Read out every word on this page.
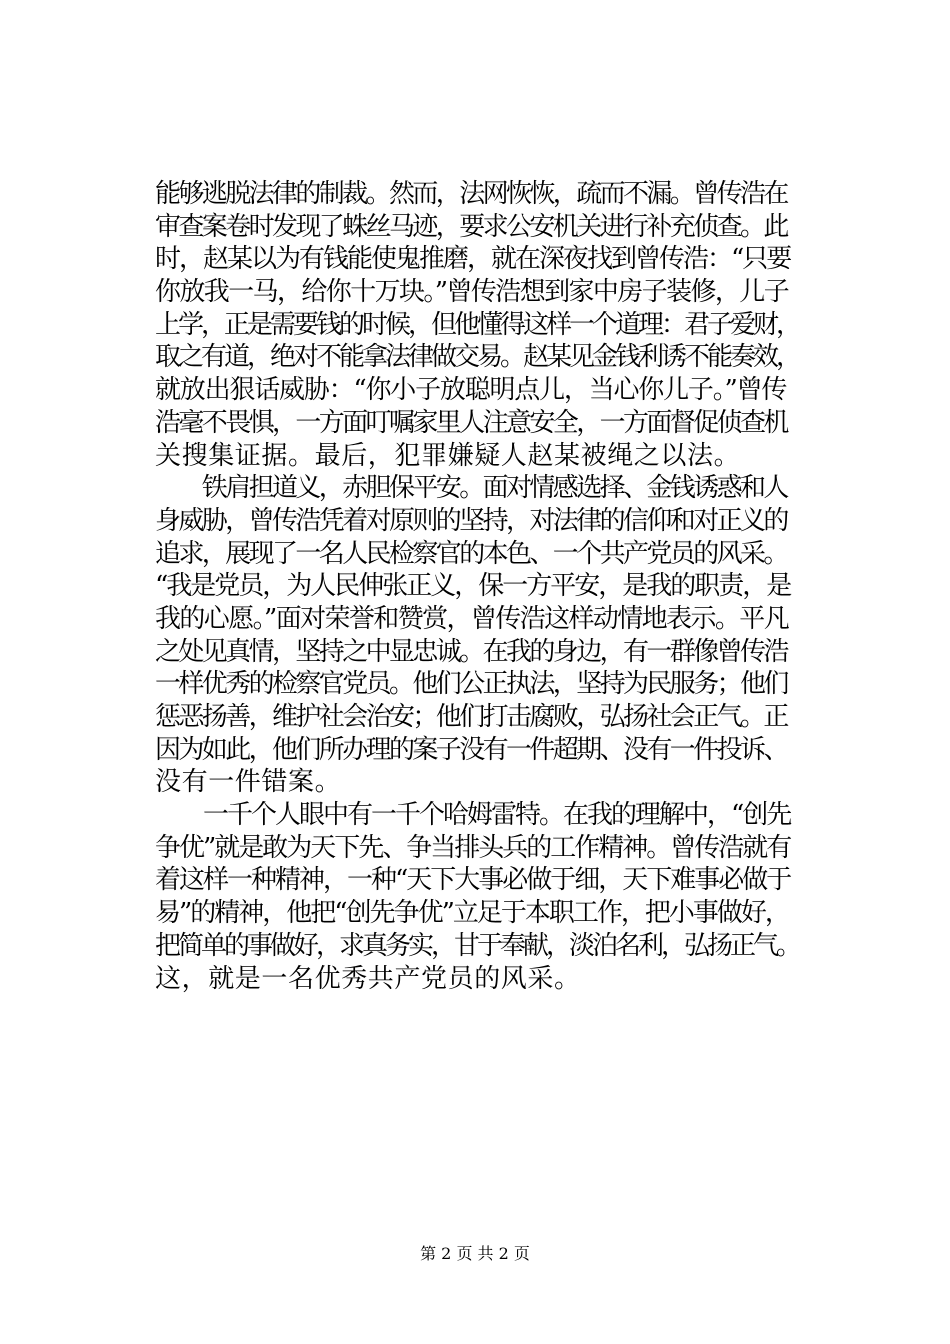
能够逃脱法律的制裁。然而，法网恢恢，疏而不漏。曾传浩在
审查案卷时发现了蛛丝马迹，要求公安机关进行补充侦查。此
时，赵某以为有钱能使鬼推磨，就在深夜找到曾传浩：“只要
你放我一马，给你十万块。”曾传浩想到家中房子装修，儿子
上学，正是需要钱的时候，但他懂得这样一个道理：君子爱财，
取之有道，绝对不能拿法律做交易。赵某见金钱利诱不能奏效，
就放出狠话威胁：“你小子放聪明点儿，当心你儿子。”曾传
浩毫不畏惧，一方面叮嘱家里人注意安全，一方面督促侦查机
关搜集证据。最后，犯罪嫌疑人赵某被绳之以法。
　　铁肩担道义，赤胆保平安。面对情感选择、金钱诱惑和人
身威胁，曾传浩凭着对原则的坚持，对法律的信仰和对正义的
追求，展现了一名人民检察官的本色、一个共产党员的风采。
“我是党员，为人民伸张正义，保一方平安，是我的职责，是
我的心愿。”面对荣誉和赞赏，曾传浩这样动情地表示。平凡
之处见真情，坚持之中显忠诚。在我的身边，有一群像曾传浩
一样优秀的检察官党员。他们公正执法，坚持为民服务；他们
惩恶扬善，维护社会治安；他们打击腐败，弘扬社会正气。正
因为如此，他们所办理的案子没有一件超期、没有一件投诉、
没有一件错案。
　　一千个人眼中有一千个哈姆雷特。在我的理解中，“创先
争优”就是敢为天下先、争当排头兵的工作精神。曾传浩就有
着这样一种精神，一种“天下大事必做于细，天下难事必做于
易”的精神，他把“创先争优”立足于本职工作，把小事做好，
把简单的事做好，求真务实，甘于奉献，淡泊名利，弘扬正气。
这，就是一名优秀共产党员的风采。
第 2 页 共 2 页
